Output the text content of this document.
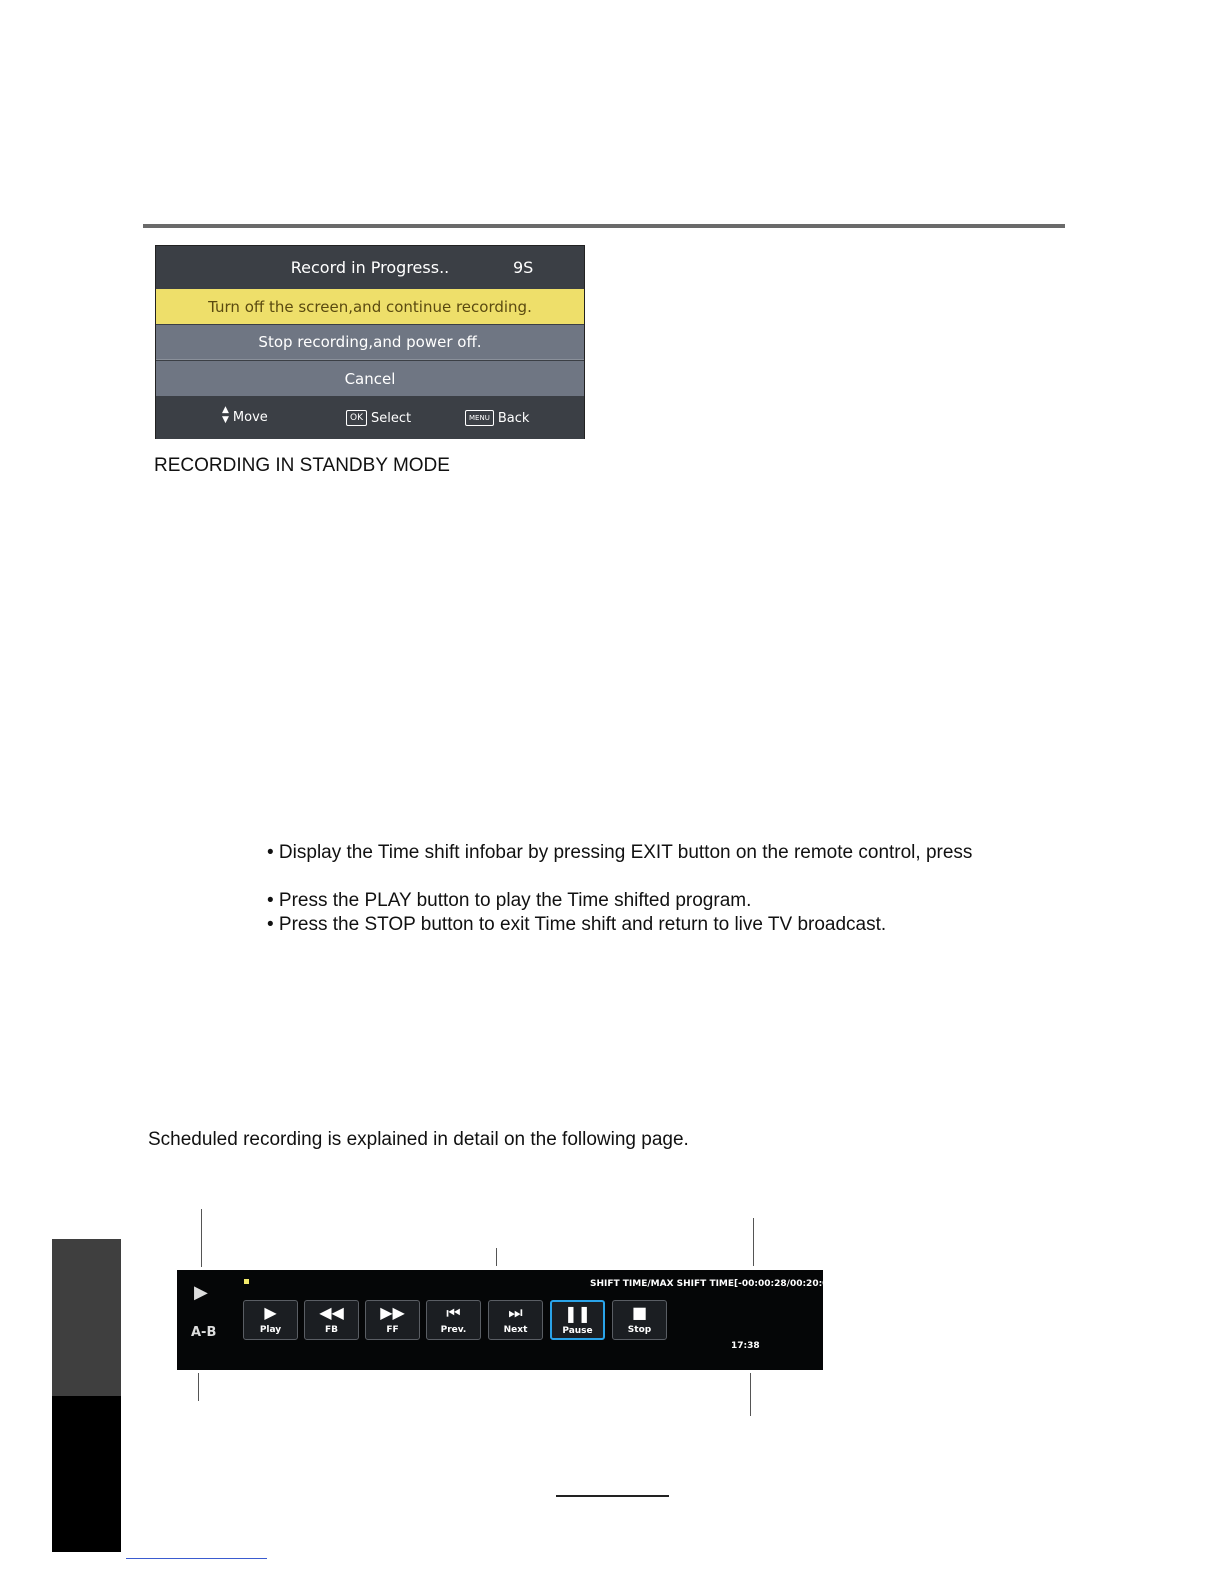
Record in Progress..	9S
Turn off the screen,and continue recording.
Stop recording,and power off.
Cancel
▲
▼ Move	OK Select	MENU Back
RECORDING IN STANDBY MODE
• Display the Time shift infobar by pressing EXIT button on the remote control, press
• Press the PLAY button to play the Time shifted program.
• Press the STOP button to exit Time shift and return to live TV broadcast.
Scheduled recording is explained in detail on the following page.
▶
A-B
SHIFT TIME/MAX SHIFT TIME[-00:00:28/00:20:00]
▶
Play
◀◀
FB
▶▶
FF
⏮
Prev.
⏭
Next
❚❚
Pause
■
Stop
17:38
